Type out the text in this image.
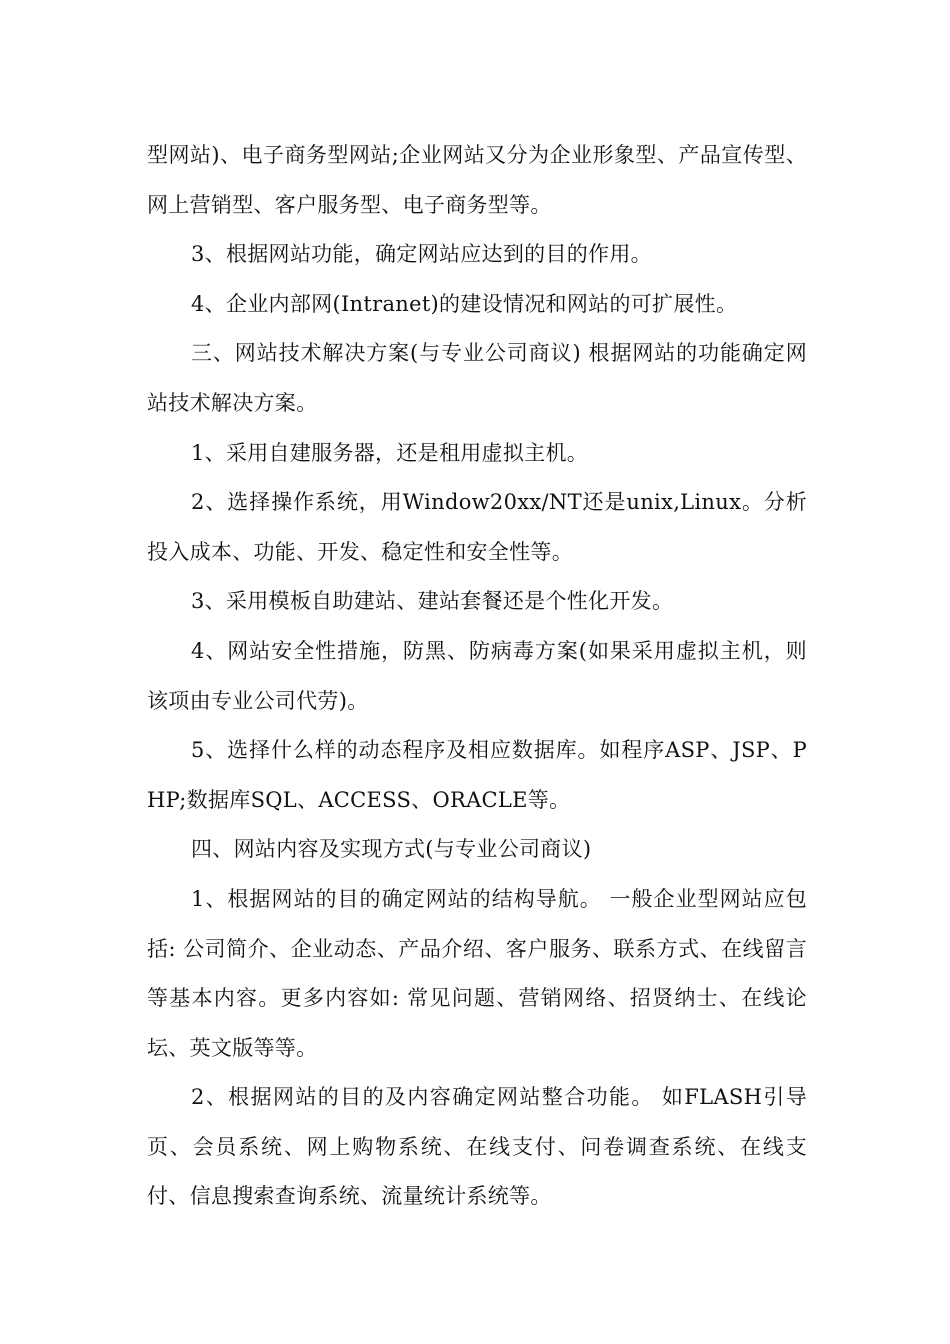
型网站)、电子商务型网站;企业网站又分为企业形象型、产品宣传型、网上营销型、客户服务型、电子商务型等。

3、根据网站功能，确定网站应达到的目的作用。

4、企业内部网(Intranet)的建设情况和网站的可扩展性。

三、网站技术解决方案(与专业公司商议) 根据网站的功能确定网站技术解决方案。

1、采用自建服务器，还是租用虚拟主机。

2、选择操作系统，用Window20xx/NT还是unix,Linux。分析投入成本、功能、开发、稳定性和安全性等。

3、采用模板自助建站、建站套餐还是个性化开发。

4、网站安全性措施，防黑、防病毒方案(如果采用虚拟主机，则该项由专业公司代劳)。

5、选择什么样的动态程序及相应数据库。如程序ASP、JSP、PHP;数据库SQL、ACCESS、ORACLE等。

四、网站内容及实现方式(与专业公司商议)

1、根据网站的目的确定网站的结构导航。 一般企业型网站应包括: 公司简介、企业动态、产品介绍、客户服务、联系方式、在线留言等基本内容。更多内容如: 常见问题、营销网络、招贤纳士、在线论坛、英文版等等。

2、根据网站的目的及内容确定网站整合功能。 如FLASH引导页、会员系统、网上购物系统、在线支付、问卷调查系统、在线支付、信息搜索查询系统、流量统计系统等。
